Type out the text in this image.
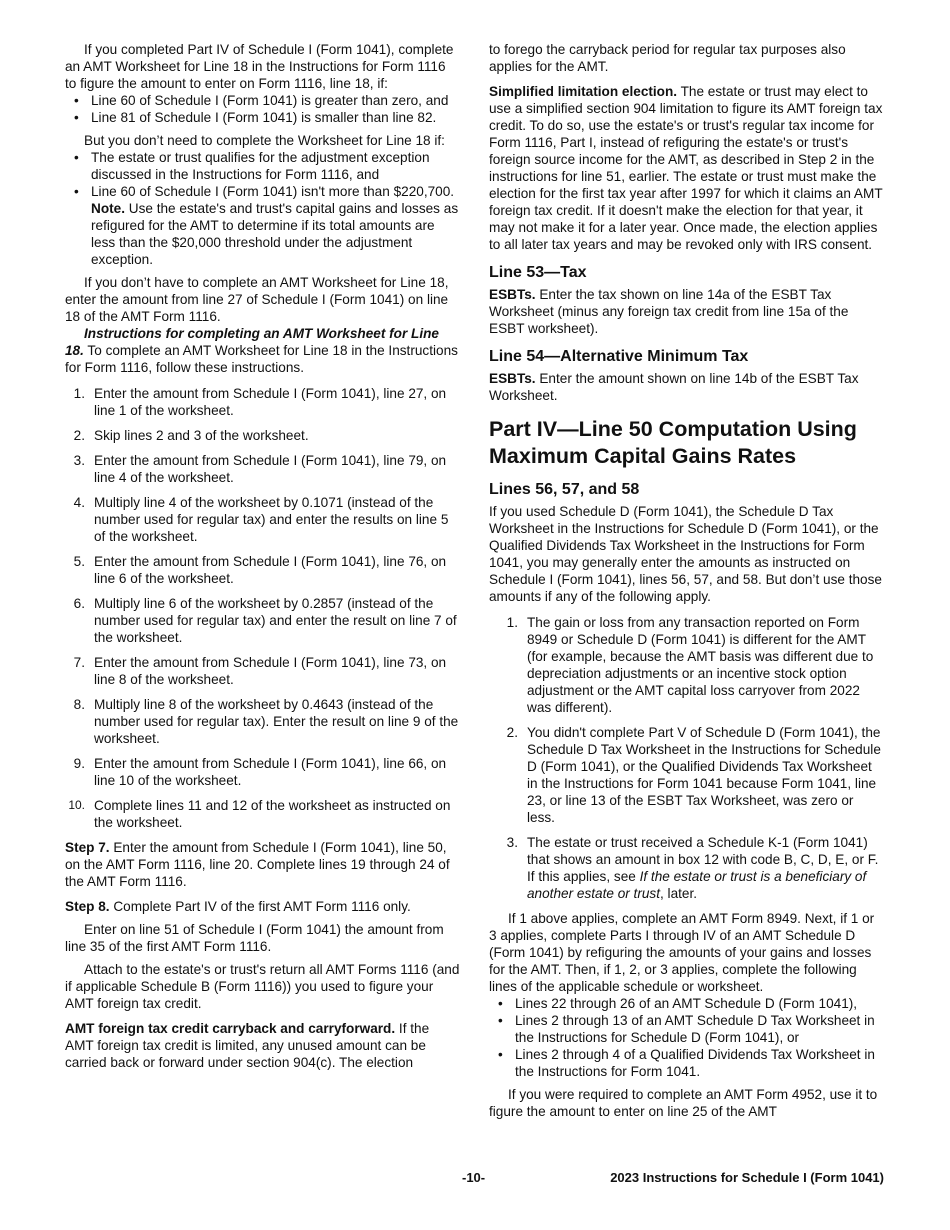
If you completed Part IV of Schedule I (Form 1041), complete an AMT Worksheet for Line 18 in the Instructions for Form 1116 to figure the amount to enter on Form 1116, line 18, if:

• Line 60 of Schedule I (Form 1041) is greater than zero, and
• Line 81 of Schedule I (Form 1041) is smaller than line 82.

But you don’t need to complete the Worksheet for Line 18 if:

• The estate or trust qualifies for the adjustment exception discussed in the Instructions for Form 1116, and
• Line 60 of Schedule I (Form 1041) isn't more than $220,700.

Note. Use the estate's and trust's capital gains and losses as refigured for the AMT to determine if its total amounts are less than the $20,000 threshold under the adjustment exception.

If you don’t have to complete an AMT Worksheet for Line 18, enter the amount from line 27 of Schedule I (Form 1041) on line 18 of the AMT Form 1116.

Instructions for completing an AMT Worksheet for Line 18. To complete an AMT Worksheet for Line 18 in the Instructions for Form 1116, follow these instructions.

1. Enter the amount from Schedule I (Form 1041), line 27, on line 1 of the worksheet.
2. Skip lines 2 and 3 of the worksheet.
3. Enter the amount from Schedule I (Form 1041), line 79, on line 4 of the worksheet.
4. Multiply line 4 of the worksheet by 0.1071 (instead of the number used for regular tax) and enter the results on line 5 of the worksheet.
5. Enter the amount from Schedule I (Form 1041), line 76, on line 6 of the worksheet.
6. Multiply line 6 of the worksheet by 0.2857 (instead of the number used for regular tax) and enter the result on line 7 of the worksheet.
7. Enter the amount from Schedule I (Form 1041), line 73, on line 8 of the worksheet.
8. Multiply line 8 of the worksheet by 0.4643 (instead of the number used for regular tax). Enter the result on line 9 of the worksheet.
9. Enter the amount from Schedule I (Form 1041), line 66, on line 10 of the worksheet.
10. Complete lines 11 and 12 of the worksheet as instructed on the worksheet.

Step 7. Enter the amount from Schedule I (Form 1041), line 50, on the AMT Form 1116, line 20. Complete lines 19 through 24 of the AMT Form 1116.

Step 8. Complete Part IV of the first AMT Form 1116 only.

Enter on line 51 of Schedule I (Form 1041) the amount from line 35 of the first AMT Form 1116.

Attach to the estate's or trust's return all AMT Forms 1116 (and if applicable Schedule B (Form 1116)) you used to figure your AMT foreign tax credit.

AMT foreign tax credit carryback and carryforward. If the AMT foreign tax credit is limited, any unused amount can be carried back or forward under section 904(c). The election

to forego the carryback period for regular tax purposes also applies for the AMT.

Simplified limitation election. The estate or trust may elect to use a simplified section 904 limitation to figure its AMT foreign tax credit. To do so, use the estate's or trust's regular tax income for Form 1116, Part I, instead of refiguring the estate's or trust's foreign source income for the AMT, as described in Step 2 in the instructions for line 51, earlier. The estate or trust must make the election for the first tax year after 1997 for which it claims an AMT foreign tax credit. If it doesn't make the election for that year, it may not make it for a later year. Once made, the election applies to all later tax years and may be revoked only with IRS consent.

Line 53—Tax

ESBTs. Enter the tax shown on line 14a of the ESBT Tax Worksheet (minus any foreign tax credit from line 15a of the ESBT worksheet).

Line 54—Alternative Minimum Tax

ESBTs. Enter the amount shown on line 14b of the ESBT Tax Worksheet.

Part IV—Line 50 Computation Using Maximum Capital Gains Rates
Lines 56, 57, and 58

If you used Schedule D (Form 1041), the Schedule D Tax Worksheet in the Instructions for Schedule D (Form 1041), or the Qualified Dividends Tax Worksheet in the Instructions for Form 1041, you may generally enter the amounts as instructed on Schedule I (Form 1041), lines 56, 57, and 58. But don’t use those amounts if any of the following apply.

1. The gain or loss from any transaction reported on Form 8949 or Schedule D (Form 1041) is different for the AMT (for example, because the AMT basis was different due to depreciation adjustments or an incentive stock option adjustment or the AMT capital loss carryover from 2022 was different).
2. You didn't complete Part V of Schedule D (Form 1041), the Schedule D Tax Worksheet in the Instructions for Schedule D (Form 1041), or the Qualified Dividends Tax Worksheet in the Instructions for Form 1041 because Form 1041, line 23, or line 13 of the ESBT Tax Worksheet, was zero or less.
3. The estate or trust received a Schedule K-1 (Form 1041) that shows an amount in box 12 with code B, C, D, E, or F. If this applies, see If the estate or trust is a beneficiary of another estate or trust, later.

If 1 above applies, complete an AMT Form 8949. Next, if 1 or 3 applies, complete Parts I through IV of an AMT Schedule D (Form 1041) by refiguring the amounts of your gains and losses for the AMT. Then, if 1, 2, or 3 applies, complete the following lines of the applicable schedule or worksheet.

• Lines 22 through 26 of an AMT Schedule D (Form 1041),
• Lines 2 through 13 of an AMT Schedule D Tax Worksheet in the Instructions for Schedule D (Form 1041), or
• Lines 2 through 4 of a Qualified Dividends Tax Worksheet in the Instructions for Form 1041.

If you were required to complete an AMT Form 4952, use it to figure the amount to enter on line 25 of the AMT

-10-	2023 Instructions for Schedule I (Form 1041)
